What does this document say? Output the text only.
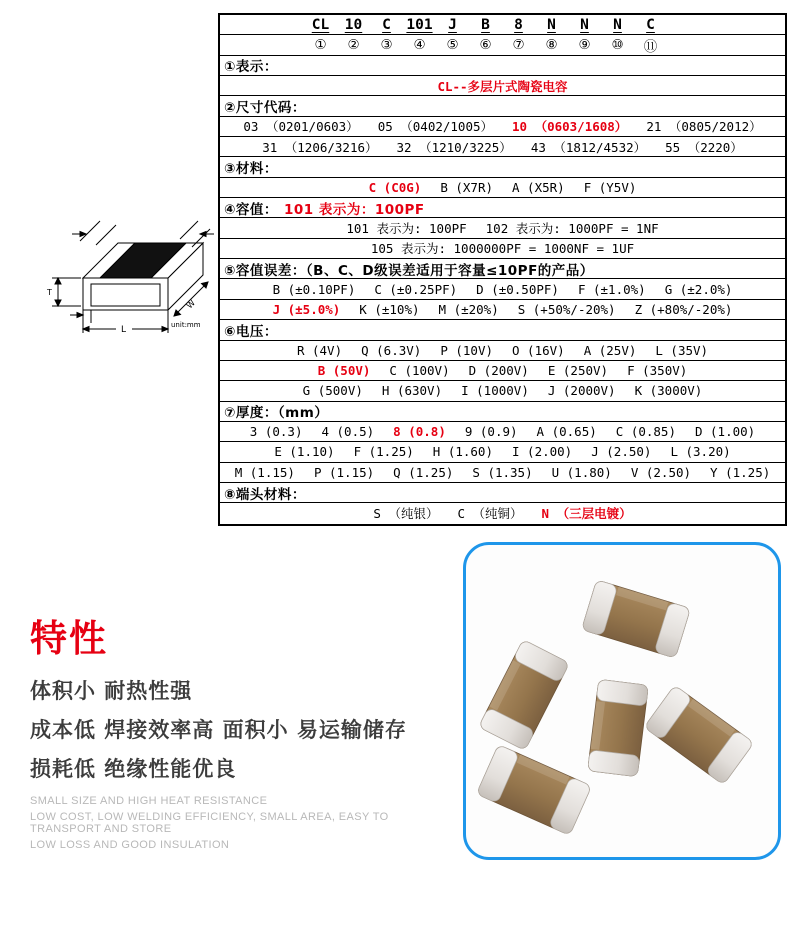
T
L
W
unit:mm
CL	10	C	101	J	B	8	N	N	N	C
①	②	③	④	⑤	⑥	⑦	⑧	⑨	⑩	⑪
①表示：
CL--多层片式陶瓷电容
②尺寸代码：
03 （0201/0603） 05 （0402/1005） 10 （0603/1608） 21 （0805/2012）
31 （1206/3216） 32 （1210/3225） 43 （1812/4532） 55 （2220）
③材料：
C (C0G) B (X7R) A (X5R) F (Y5V)
④容值： 101 表示为：100PF
101 表示为: 100PF 102 表示为: 1000PF = 1NF
105 表示为: 1000000PF = 1000NF = 1UF
⑤容值误差：（B、C、D级误差适用于容量≤10PF的产品）
B (±0.10PF) C (±0.25PF) D (±0.50PF) F (±1.0%) G (±2.0%)
J (±5.0%) K (±10%) M (±20%) S (+50%/-20%) Z (+80%/-20%)
⑥电压：
R (4V) Q (6.3V) P (10V) O (16V) A (25V) L (35V)
B (50V) C (100V) D (200V) E (250V) F (350V)
G (500V) H (630V) I (1000V) J (2000V) K (3000V)
⑦厚度：（mm）
3 (0.3) 4 (0.5) 8 (0.8) 9 (0.9) A (0.65) C (0.85) D (1.00)
E (1.10) F (1.25) H (1.60) I (2.00) J (2.50) L (3.20)
M (1.15) P (1.15) Q (1.25) S (1.35) U (1.80) V (2.50) Y (1.25)
⑧端头材料：
S （纯银） C （纯铜） N （三层电镀）
特性
体积小 耐热性强
成本低 焊接效率高 面积小 易运输储存
损耗低 绝缘性能优良
SMALL SIZE AND HIGH HEAT RESISTANCE
LOW COST, LOW WELDING EFFICIENCY, SMALL AREA, EASY TO TRANSPORT AND STORE
LOW LOSS AND GOOD INSULATION
